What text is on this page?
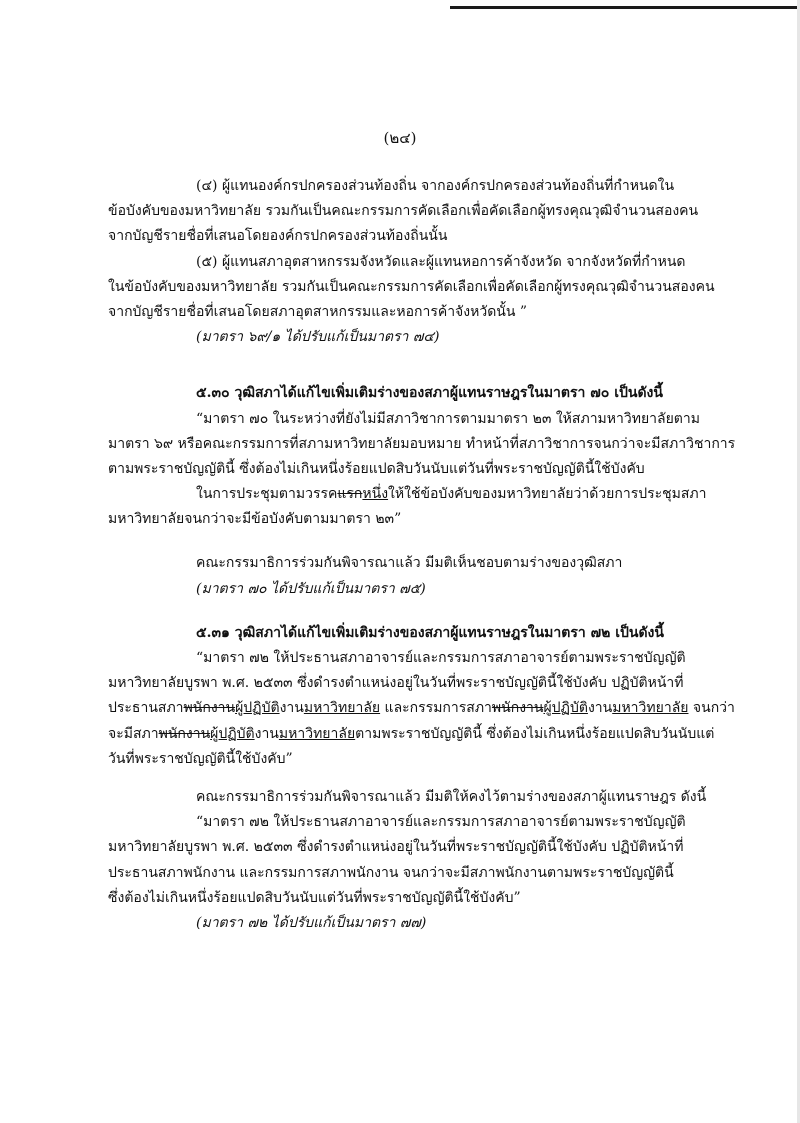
(๒๔)
(๔) ผู้แทนองค์กรปกครองส่วนท้องถิ่น จากองค์กรปกครองส่วนท้องถิ่นที่กำหนดใน
ข้อบังคับของมหาวิทยาลัย รวมกันเป็นคณะกรรมการคัดเลือกเพื่อคัดเลือกผู้ทรงคุณวุฒิจำนวนสองคน
จากบัญชีรายชื่อที่เสนอโดยองค์กรปกครองส่วนท้องถิ่นนั้น
(๕) ผู้แทนสภาอุตสาหกรรมจังหวัดและผู้แทนหอการค้าจังหวัด จากจังหวัดที่กำหนด
ในข้อบังคับของมหาวิทยาลัย รวมกันเป็นคณะกรรมการคัดเลือกเพื่อคัดเลือกผู้ทรงคุณวุฒิจำนวนสองคน
จากบัญชีรายชื่อที่เสนอโดยสภาอุตสาหกรรมและหอการค้าจังหวัดนั้น ”
(มาตรา ๖๙/๑ ได้ปรับแก้เป็นมาตรา ๗๔)
๕.๓๐ วุฒิสภาได้แก้ไขเพิ่มเติมร่างของสภาผู้แทนราษฎรในมาตรา ๗๐ เป็นดังนี้
“มาตรา ๗๐ ในระหว่างที่ยังไม่มีสภาวิชาการตามมาตรา ๒๓ ให้สภามหาวิทยาลัยตาม
มาตรา ๖๙ หรือคณะกรรมการที่สภามหาวิทยาลัยมอบหมาย ทำหน้าที่สภาวิชาการจนกว่าจะมีสภาวิชาการ
ตามพระราชบัญญัตินี้ ซึ่งต้องไม่เกินหนึ่งร้อยแปดสิบวันนับแต่วันที่พระราชบัญญัตินี้ใช้บังคับ
ในการประชุมตามวรรคแรกหนึ่งให้ใช้ข้อบังคับของมหาวิทยาลัยว่าด้วยการประชุมสภา
มหาวิทยาลัยจนกว่าจะมีข้อบังคับตามมาตรา ๒๓”
คณะกรรมาธิการร่วมกันพิจารณาแล้ว มีมติเห็นชอบตามร่างของวุฒิสภา
(มาตรา ๗๐ ได้ปรับแก้เป็นมาตรา ๗๕)
๕.๓๑ วุฒิสภาได้แก้ไขเพิ่มเติมร่างของสภาผู้แทนราษฎรในมาตรา ๗๒ เป็นดังนี้
“มาตรา ๗๒ ให้ประธานสภาอาจารย์และกรรมการสภาอาจารย์ตามพระราชบัญญัติ
มหาวิทยาลัยบูรพา พ.ศ. ๒๕๓๓ ซึ่งดำรงตำแหน่งอยู่ในวันที่พระราชบัญญัตินี้ใช้บังคับ ปฏิบัติหน้าที่
ประธานสภาพนักงานผู้ปฏิบัติงานมหาวิทยาลัย และกรรมการสภาพนักงานผู้ปฏิบัติงานมหาวิทยาลัย จนกว่า
จะมีสภาพนักงานผู้ปฏิบัติงานมหาวิทยาลัยตามพระราชบัญญัตินี้ ซึ่งต้องไม่เกินหนึ่งร้อยแปดสิบวันนับแต่
วันที่พระราชบัญญัตินี้ใช้บังคับ”
คณะกรรมาธิการร่วมกันพิจารณาแล้ว มีมติให้คงไว้ตามร่างของสภาผู้แทนราษฎร ดังนี้
“มาตรา ๗๒ ให้ประธานสภาอาจารย์และกรรมการสภาอาจารย์ตามพระราชบัญญัติ
มหาวิทยาลัยบูรพา พ.ศ. ๒๕๓๓ ซึ่งดำรงตำแหน่งอยู่ในวันที่พระราชบัญญัตินี้ใช้บังคับ ปฏิบัติหน้าที่
ประธานสภาพนักงาน และกรรมการสภาพนักงาน จนกว่าจะมีสภาพนักงานตามพระราชบัญญัตินี้
ซึ่งต้องไม่เกินหนึ่งร้อยแปดสิบวันนับแต่วันที่พระราชบัญญัตินี้ใช้บังคับ”
(มาตรา ๗๒ ได้ปรับแก้เป็นมาตรา ๗๗)
